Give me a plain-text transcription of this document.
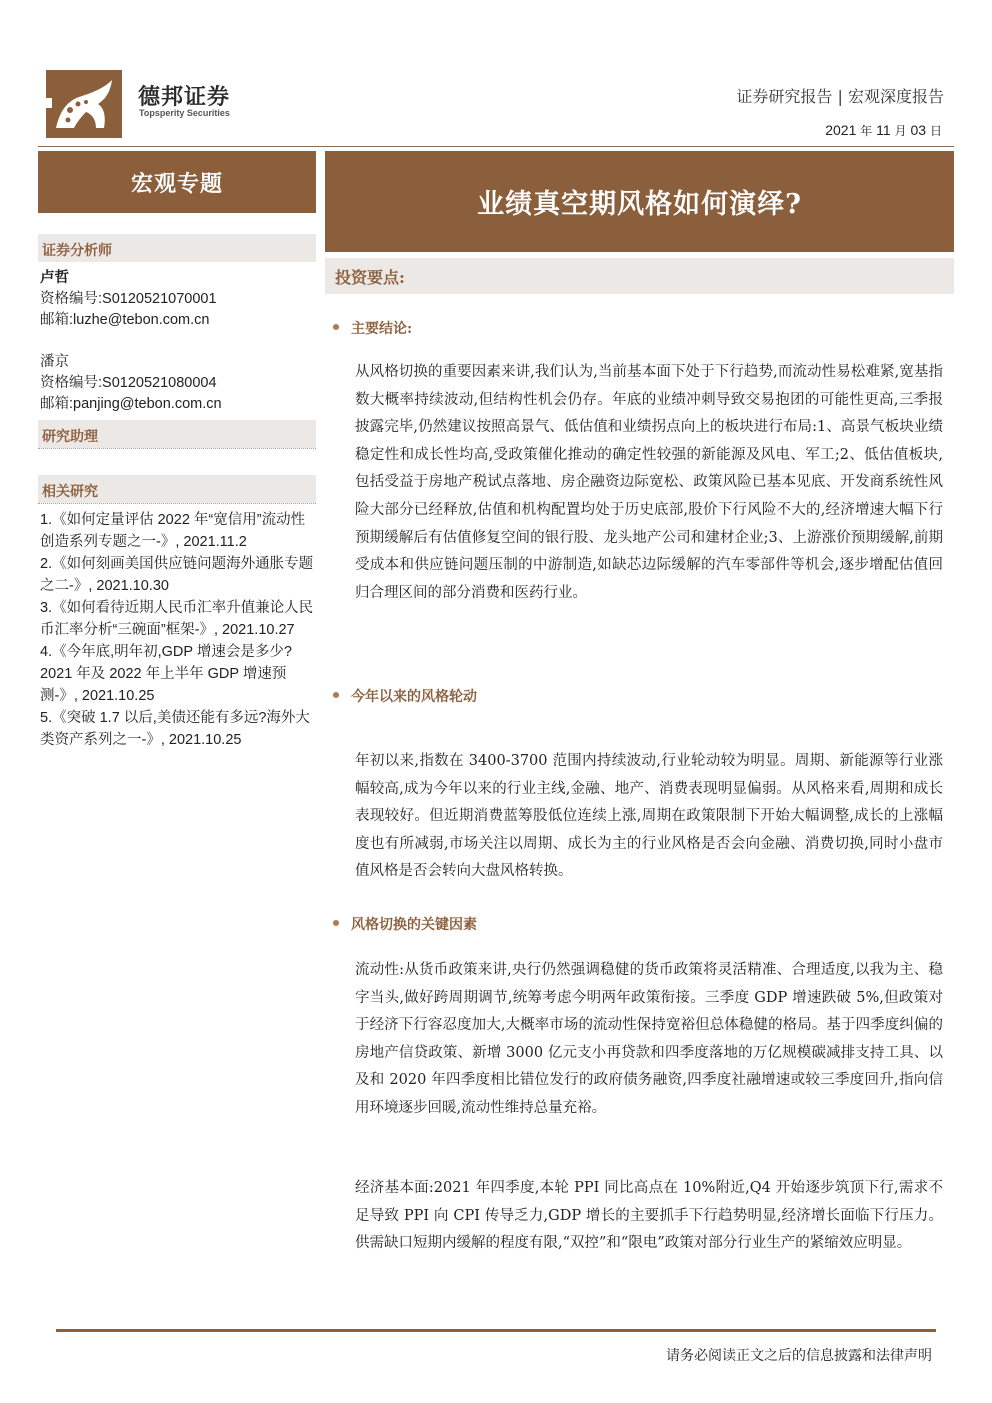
德邦证券
Topsperity Securities
证券研究报告 | 宏观深度报告
2021 年 11 月 03 日
宏观专题
业绩真空期风格如何演绎?
证券分析师
卢哲
资格编号:S0120521070001
邮箱:luzhe@tebon.com.cn
潘京
资格编号:S0120521080004
邮箱:panjing@tebon.com.cn
研究助理
相关研究

1.《如何定量评估 2022 年“宽信用”流动性创造系列专题之一-》, 2021.11.2

2.《如何刻画美国供应链问题海外通胀专题之二-》, 2021.10.30

3.《如何看待近期人民币汇率升值兼论人民币汇率分析“三碗面”框架-》, 2021.10.27

4.《今年底,明年初,GDP 增速会是多少? 2021 年及 2022 年上半年 GDP 增速预测-》, 2021.10.25

5.《突破 1.7 以后,美债还能有多远?海外大类资产系列之一-》, 2021.10.25

投资要点:
主要结论:
从风格切换的重要因素来讲,我们认为,当前基本面下处于下行趋势,而流动性易松难紧,宽基指数大概率持续波动,但结构性机会仍存。年底的业绩冲刺导致交易抱团的可能性更高,三季报披露完毕,仍然建议按照高景气、低估值和业绩拐点向上的板块进行布局:1、高景气板块业绩稳定性和成长性均高,受政策催化推动的确定性较强的新能源及风电、军工;2、低估值板块,包括受益于房地产税试点落地、房企融资边际宽松、政策风险已基本见底、开发商系统性风险大部分已经释放,估值和机构配置均处于历史底部,股价下行风险不大的,经济增速大幅下行预期缓解后有估值修复空间的银行股、龙头地产公司和建材企业;3、上游涨价预期缓解,前期受成本和供应链问题压制的中游制造,如缺芯边际缓解的汽车零部件等机会,逐步增配估值回归合理区间的部分消费和医药行业。
今年以来的风格轮动
年初以来,指数在 3400-3700 范围内持续波动,行业轮动较为明显。周期、新能源等行业涨幅较高,成为今年以来的行业主线,金融、地产、消费表现明显偏弱。从风格来看,周期和成长表现较好。但近期消费蓝筹股低位连续上涨,周期在政策限制下开始大幅调整,成长的上涨幅度也有所减弱,市场关注以周期、成长为主的行业风格是否会向金融、消费切换,同时小盘市值风格是否会转向大盘风格转换。
风格切换的关键因素
流动性:从货币政策来讲,央行仍然强调稳健的货币政策将灵活精准、合理适度,以我为主、稳字当头,做好跨周期调节,统筹考虑今明两年政策衔接。三季度 GDP 增速跌破 5%,但政策对于经济下行容忍度加大,大概率市场的流动性保持宽裕但总体稳健的格局。基于四季度纠偏的房地产信贷政策、新增 3000 亿元支小再贷款和四季度落地的万亿规模碳减排支持工具、以及和 2020 年四季度相比错位发行的政府债务融资,四季度社融增速或较三季度回升,指向信用环境逐步回暖,流动性维持总量充裕。
经济基本面:2021 年四季度,本轮 PPI 同比高点在 10%附近,Q4 开始逐步筑顶下行,需求不足导致 PPI 向 CPI 传导乏力,GDP 增长的主要抓手下行趋势明显,经济增长面临下行压力。供需缺口短期内缓解的程度有限,“双控”和“限电”政策对部分行业生产的紧缩效应明显。
请务必阅读正文之后的信息披露和法律声明
